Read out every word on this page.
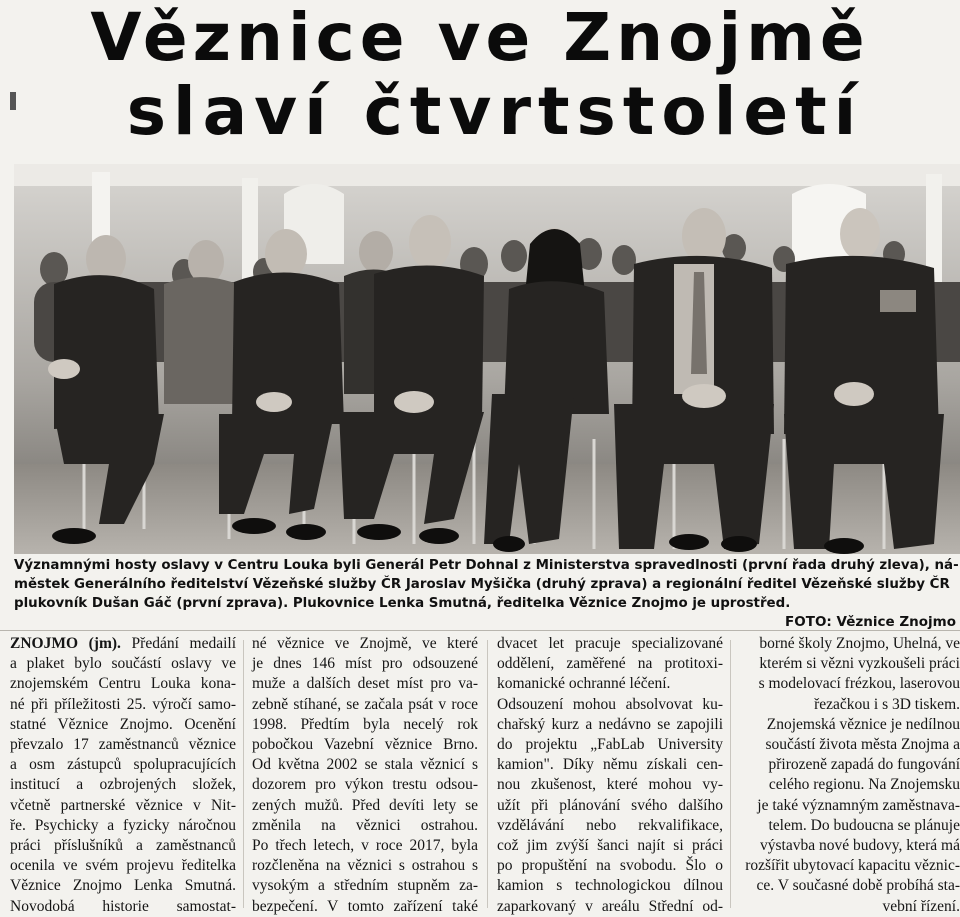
Věznice ve Znojmě
slaví čtvrtstoletí
Významnými hosty oslavy v Centru Louka byli Generál Petr Dohnal z Ministerstva spravedlnosti (první řada druhý zleva), ná-
městek Generálního ředitelství Vězeňské služby ČR Jaroslav Myšička (druhý zprava) a regionální ředitel Vězeňské služby ČR
plukovník Dušan Gáč (první zprava). Plukovnice Lenka Smutná, ředitelka Věznice Znojmo je uprostřed.
FOTO: Věznice Znojmo
ZNOJMO (jm). Předání medailí
a plaket bylo součástí oslavy ve
znojemském Centru Louka kona-
né při příležitosti 25. výročí samo-
statné Věznice Znojmo. Ocenění
převzalo 17 zaměstnanců věznice
a osm zástupců spolupracujících
institucí a ozbrojených složek,
včetně partnerské věznice v Nit-
ře. Psychicky a fyzicky náročnou
práci příslušníků a zaměstnanců
ocenila ve svém projevu ředitelka
Věznice Znojmo Lenka Smutná.
Novodobá historie samostat-
né věznice ve Znojmě, ve které
je dnes 146 míst pro odsouzené
muže a dalších deset míst pro va-
zebně stíhané, se začala psát v roce
1998. Předtím byla necelý rok
pobočkou Vazební věznice Brno.
Od května 2002 se stala věznicí s
dozorem pro výkon trestu odsou-
zených mužů. Před devíti lety se
změnila na věznici ostrahou.
Po třech letech, v roce 2017, byla
rozčleněna na věznici s ostrahou s
vysokým a středním stupněm za-
bezpečení. V tomto zařízení také
dvacet let pracuje specializované
oddělení, zaměřené na protitoxi-
komanické ochranné léčení.
Odsouzení mohou absolvovat ku-
chařský kurz a nedávno se zapojili
do projektu „FabLab University
kamion". Díky němu získali cen-
nou zkušenost, které mohou vy-
užít při plánování svého dalšího
vzdělávání nebo rekvalifikace,
což jim zvýší šanci najít si práci
po propuštění na svobodu. Šlo o
kamion s technologickou dílnou
zaparkovaný v areálu Střední od-
borné školy Znojmo, Uhelná, ve
kterém si vězni vyzkoušeli práci
s modelovací frézkou, laserovou
řezačkou i s 3D tiskem.
Znojemská věznice je nedílnou
součástí života města Znojma a
přirozeně zapadá do fungování
celého regionu. Na Znojemsku
je také významným zaměstnava-
telem. Do budoucna se plánuje
výstavba nové budovy, která má
rozšířit ubytovací kapacitu věznic-
ce. V současné době probíhá sta-
vební řízení.
